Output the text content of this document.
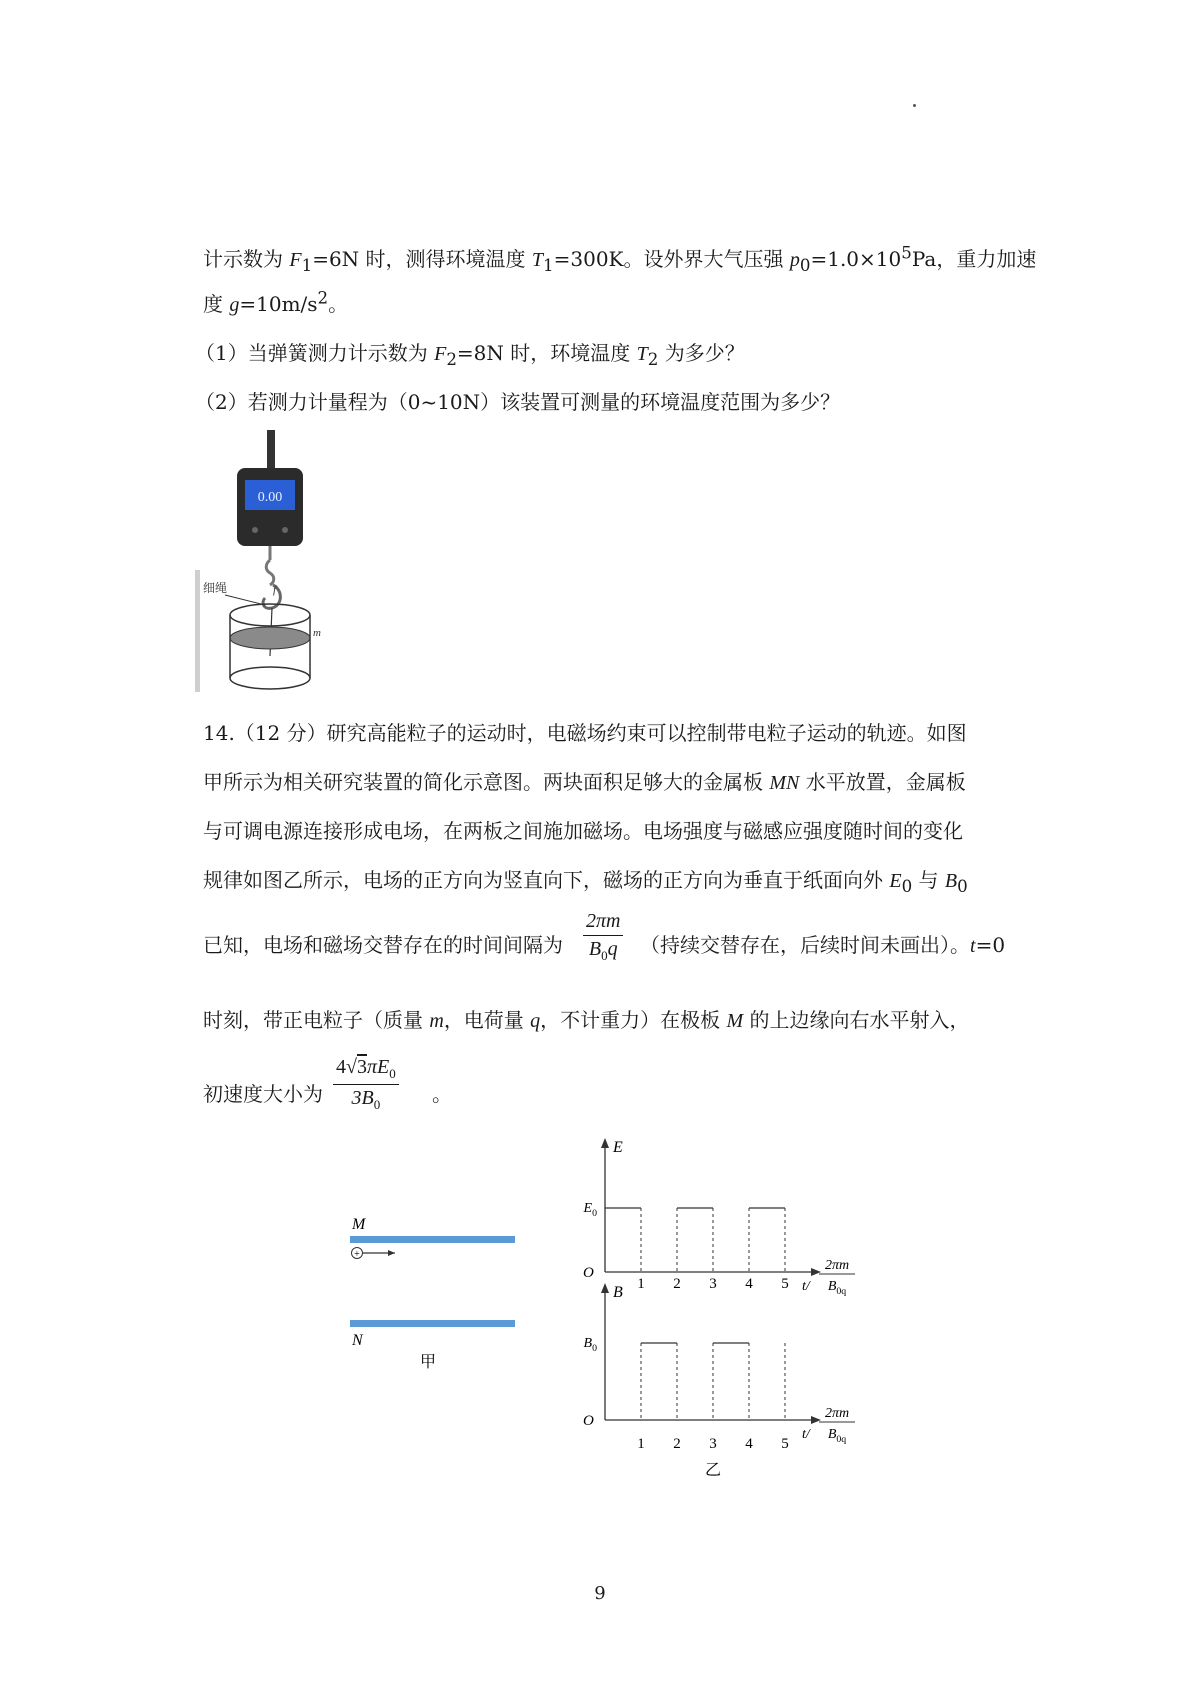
计示数为 $F_1=6N$ 时，测得环境温度 $T_1=300K$。设外界大气压强 $p_0=1.0\times 10^5Pa$，重力加速
度 $g=10m/s^2$。
（1）当弹簧测力计示数为 $F_2=8N$ 时，环境温度 $T_2$ 为多少？
（2）若测力计量程为（0~10N）该装置可测量的环境温度范围为多少？
0.00
f
细绳
m
14.（12 分）研究高能粒子的运动时，电磁场约束可以控制带电粒子运动的轨迹。如图
甲所示为相关研究装置的简化示意图。两块面积足够大的金属板 MN 水平放置，金属板
与可调电源连接形成电场，在两板之间施加磁场。电场强度与磁感应强度随时间的变化
规律如图乙所示，电场的正方向为竖直向下，磁场的正方向为垂直于纸面向外 $E_0$ 与 $B_0$
已知，电场和磁场交替存在的时间间隔为 $\frac{2\pi m}{B_0q}$ （持续交替存在，后续时间未画出）。t=0
时刻，带正电粒子（质量 m，电荷量 q，不计重力）在极板 M 的上边缘向右水平射入，
初速度大小为 $\frac{4√3\pi E_0}{3B_0}$ 。
M
+
N
甲
E
O
$E_0$
1 2 3 4 5 t/
2πm
$B_{0q}$
B
O
$B_0$
1 2 3 4 5
t/
2πm
$B_{0q}$
乙
9
